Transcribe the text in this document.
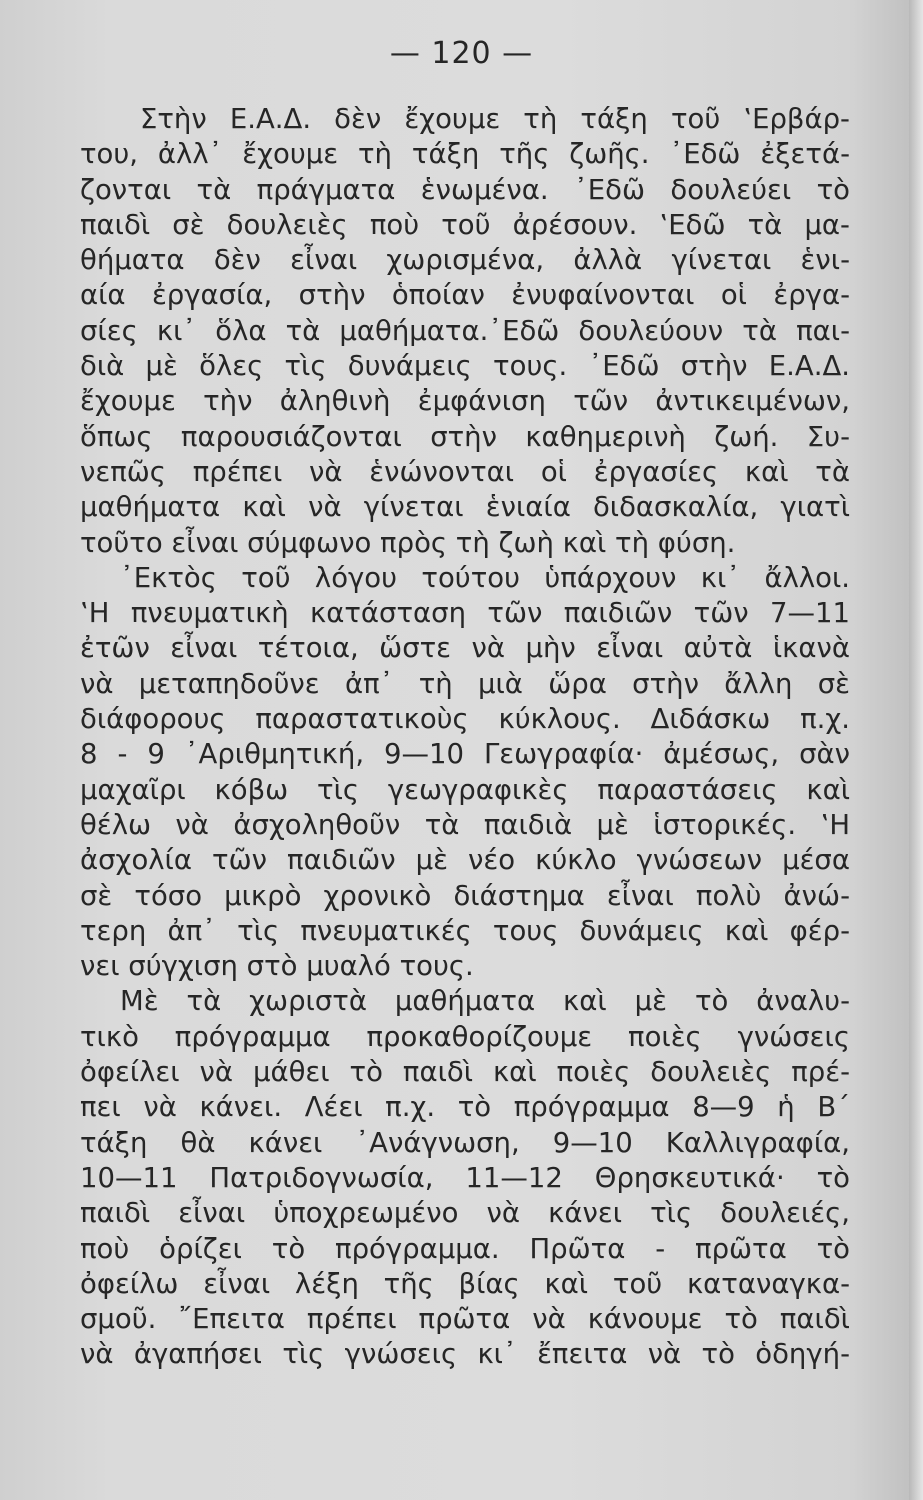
— 120 —
Στὴν Ε.Α.Δ. δὲν ἔχουμε τὴ τάξη τοῦ ‛Ερβάρ-
του, ἀλλ᾽ ἔχουμε τὴ τάξη τῆς ζωῆς. ᾽Εδῶ ἐξετά-
ζονται τὰ πράγματα ἑνωμένα. ᾽Εδῶ δουλεύει τὸ
παιδὶ σὲ δουλειὲς ποὺ τοῦ ἀρέσουν. ‛Εδῶ τὰ μα-
θήματα δὲν εἶναι χωρισμένα, ἀλλὰ γίνεται ἑνι-
αία ἐργασία, στὴν ὁποίαν ἐνυφαίνονται οἱ ἐργα-
σίες κι᾽ ὅλα τὰ μαθήματα.᾽Εδῶ δουλεύουν τὰ παι-
διὰ μὲ ὅλες τὶς δυνάμεις τους. ᾽Εδῶ στὴν Ε.Α.Δ.
ἔχουμε τὴν ἀληθινὴ ἐμφάνιση τῶν ἀντικειμένων,
ὅπως παρουσιάζονται στὴν καθημερινὴ ζωή. Συ-
νεπῶς πρέπει νὰ ἑνώνονται οἱ ἐργασίες καὶ τὰ
μαθήματα καὶ νὰ γίνεται ἑνιαία διδασκαλία, γιατὶ
τοῦτο εἶναι σύμφωνο πρὸς τὴ ζωὴ καὶ τὴ φύση.
᾽Εκτὸς τοῦ λόγου τούτου ὑπάρχουν κι᾽ ἄλλοι.
‛Η πνευματικὴ κατάσταση τῶν παιδιῶν τῶν 7—11
ἐτῶν εἶναι τέτοια, ὥστε νὰ μὴν εἶναι αὐτὰ ἱκανὰ
νὰ μεταπηδοῦνε ἀπ᾽ τὴ μιὰ ὥρα στὴν ἄλλη σὲ
διάφορους παραστατικοὺς κύκλους. Διδάσκω π.χ.
8 - 9 ᾽Αριθμητική, 9—10 Γεωγραφία· ἀμέσως, σὰν
μαχαῖρι κόβω τὶς γεωγραφικὲς παραστάσεις καὶ
θέλω νὰ ἀσχοληθοῦν τὰ παιδιὰ μὲ ἱστορικές. ‛Η
ἀσχολία τῶν παιδιῶν μὲ νέο κύκλο γνώσεων μέσα
σὲ τόσο μικρὸ χρονικὸ διάστημα εἶναι πολὺ ἀνώ-
τερη ἀπ᾽ τὶς πνευματικές τους δυνάμεις καὶ φέρ-
νει σύγχιση στὸ μυαλό τους.
Μὲ τὰ χωριστὰ μαθήματα καὶ μὲ τὸ ἀναλυ-
τικὸ πρόγραμμα προκαθορίζουμε ποιὲς γνώσεις
ὀφείλει νὰ μάθει τὸ παιδὶ καὶ ποιὲς δουλειὲς πρέ-
πει νὰ κάνει. Λέει π.χ. τὸ πρόγραμμα 8—9 ἡ Β΄
τάξη θὰ κάνει ᾽Ανάγνωση, 9—10 Καλλιγραφία,
10—11 Πατριδογνωσία, 11—12 Θρησκευτικά· τὸ
παιδὶ εἶναι ὑποχρεωμένο νὰ κάνει τὶς δουλειές,
ποὺ ὁρίζει τὸ πρόγραμμα. Πρῶτα - πρῶτα τὸ
ὀφείλω εἶναι λέξη τῆς βίας καὶ τοῦ καταναγκα-
σμοῦ. ῎Επειτα πρέπει πρῶτα νὰ κάνουμε τὸ παιδὶ
νὰ ἀγαπήσει τὶς γνώσεις κι᾽ ἔπειτα νὰ τὸ ὁδηγή-
